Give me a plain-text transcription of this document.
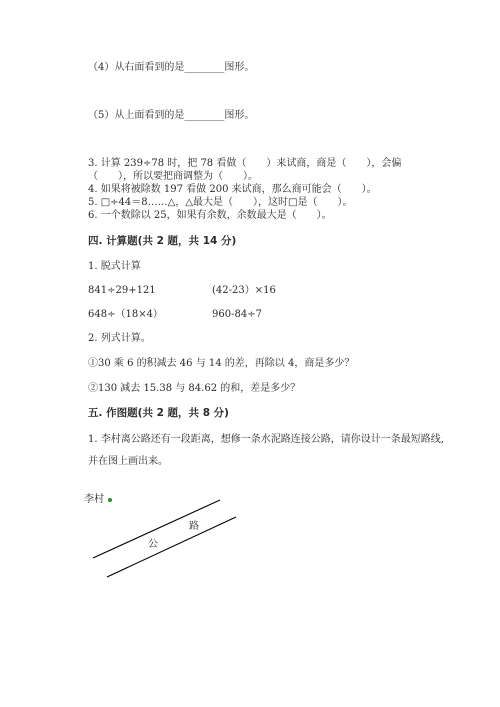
（4）从右面看到的是________图形。
（5）从上面看到的是________图形。
3. 计算 239÷78 时，把 78 看做（　　）来试商，商是（　　），会偏
（　　），所以要把商调整为（　　）。
4. 如果将被除数 197 看做 200 来试商，那么商可能会（　　）。
5. □÷44＝8……△，△最大是（　　），这时□是（　　）。
6. 一个数除以 25，如果有余数，余数最大是（　　）。
四. 计算题(共 2 题，共 14 分)
1. 脱式计算
841÷29+121	(42-23）×16
648÷（18×4）	960-84÷7
2. 列式计算。
①30 乘 6 的积减去 46 与 14 的差，再除以 4，商是多少？
②130 减去 15.38 与 84.62 的和，差是多少？
五. 作图题(共 2 题，共 8 分)
1. 李村离公路还有一段距离，想修一条水泥路连接公路，请你设计一条最短路线,
并在图上画出来。
李村
路
公
